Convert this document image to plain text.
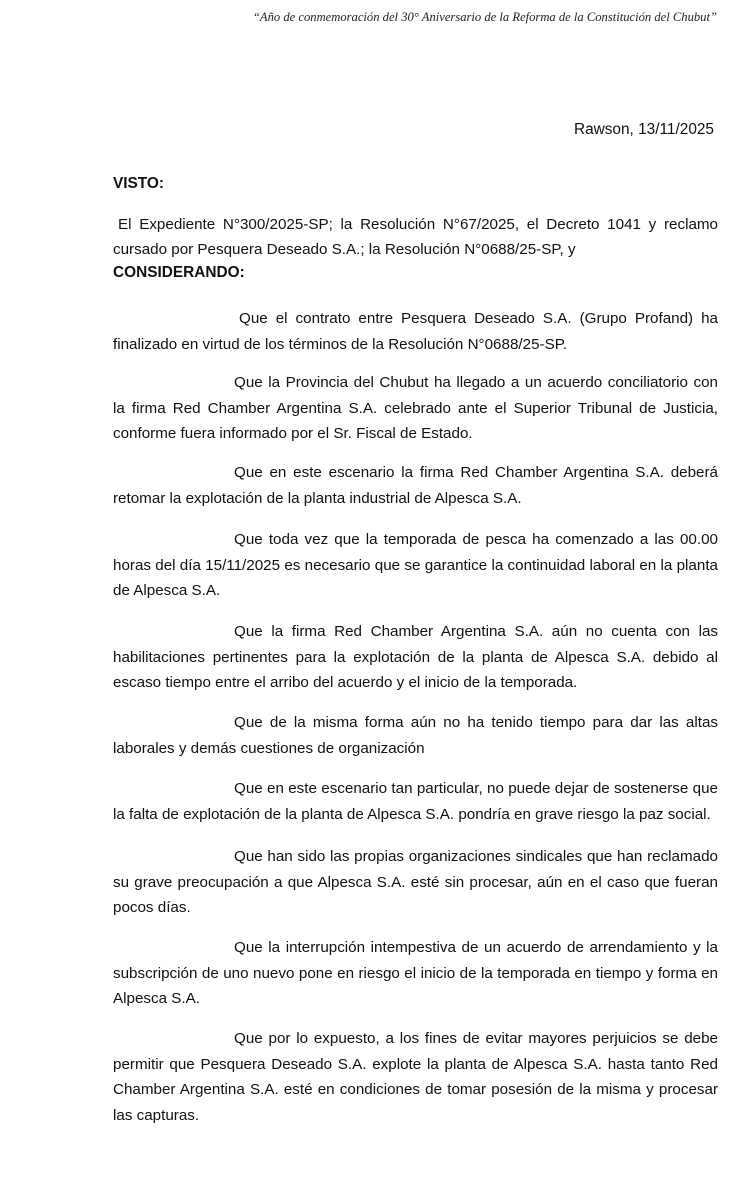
“Año de conmemoración del 30° Aniversario de la Reforma de la Constitución del Chubut”
Rawson, 13/11/2025
VISTO:
El Expediente N°300/2025-SP; la Resolución N°67/2025, el Decreto 1041 y reclamo cursado por Pesquera Deseado S.A.; la Resolución N°0688/25-SP, y
CONSIDERANDO:

Que el contrato entre Pesquera Deseado S.A. (Grupo Profand) ha finalizado en virtud de los términos de la Resolución N°0688/25-SP.

Que la Provincia del Chubut ha llegado a un acuerdo conciliatorio con la firma Red Chamber Argentina S.A. celebrado ante el Superior Tribunal de Justicia, conforme fuera informado por el Sr. Fiscal de Estado.

Que en este escenario la firma Red Chamber Argentina S.A. deberá retomar la explotación de la planta industrial de Alpesca S.A.

Que toda vez que la temporada de pesca ha comenzado a las 00.00 horas del día 15/11/2025 es necesario que se garantice la continuidad laboral en la planta de Alpesca S.A.

Que la firma Red Chamber Argentina S.A. aún no cuenta con las habilitaciones pertinentes para la explotación de la planta de Alpesca S.A. debido al escaso tiempo entre el arribo del acuerdo y el inicio de la temporada.

Que de la misma forma aún no ha tenido tiempo para dar las altas laborales y demás cuestiones de organización

Que en este escenario tan particular, no puede dejar de sostenerse que la falta de explotación de la planta de Alpesca S.A. pondría en grave riesgo la paz social.

Que han sido las propias organizaciones sindicales que han reclamado su grave preocupación a que Alpesca S.A. esté sin procesar, aún en el caso que fueran pocos días.

Que la interrupción intempestiva de un acuerdo de arrendamiento y la subscripción de uno nuevo pone en riesgo el inicio de la temporada en tiempo y forma en Alpesca S.A.

Que por lo expuesto, a los fines de evitar mayores perjuicios se debe permitir que Pesquera Deseado S.A. explote la planta de Alpesca S.A. hasta tanto Red Chamber Argentina S.A. esté en condiciones de tomar posesión de la misma y procesar las capturas.
